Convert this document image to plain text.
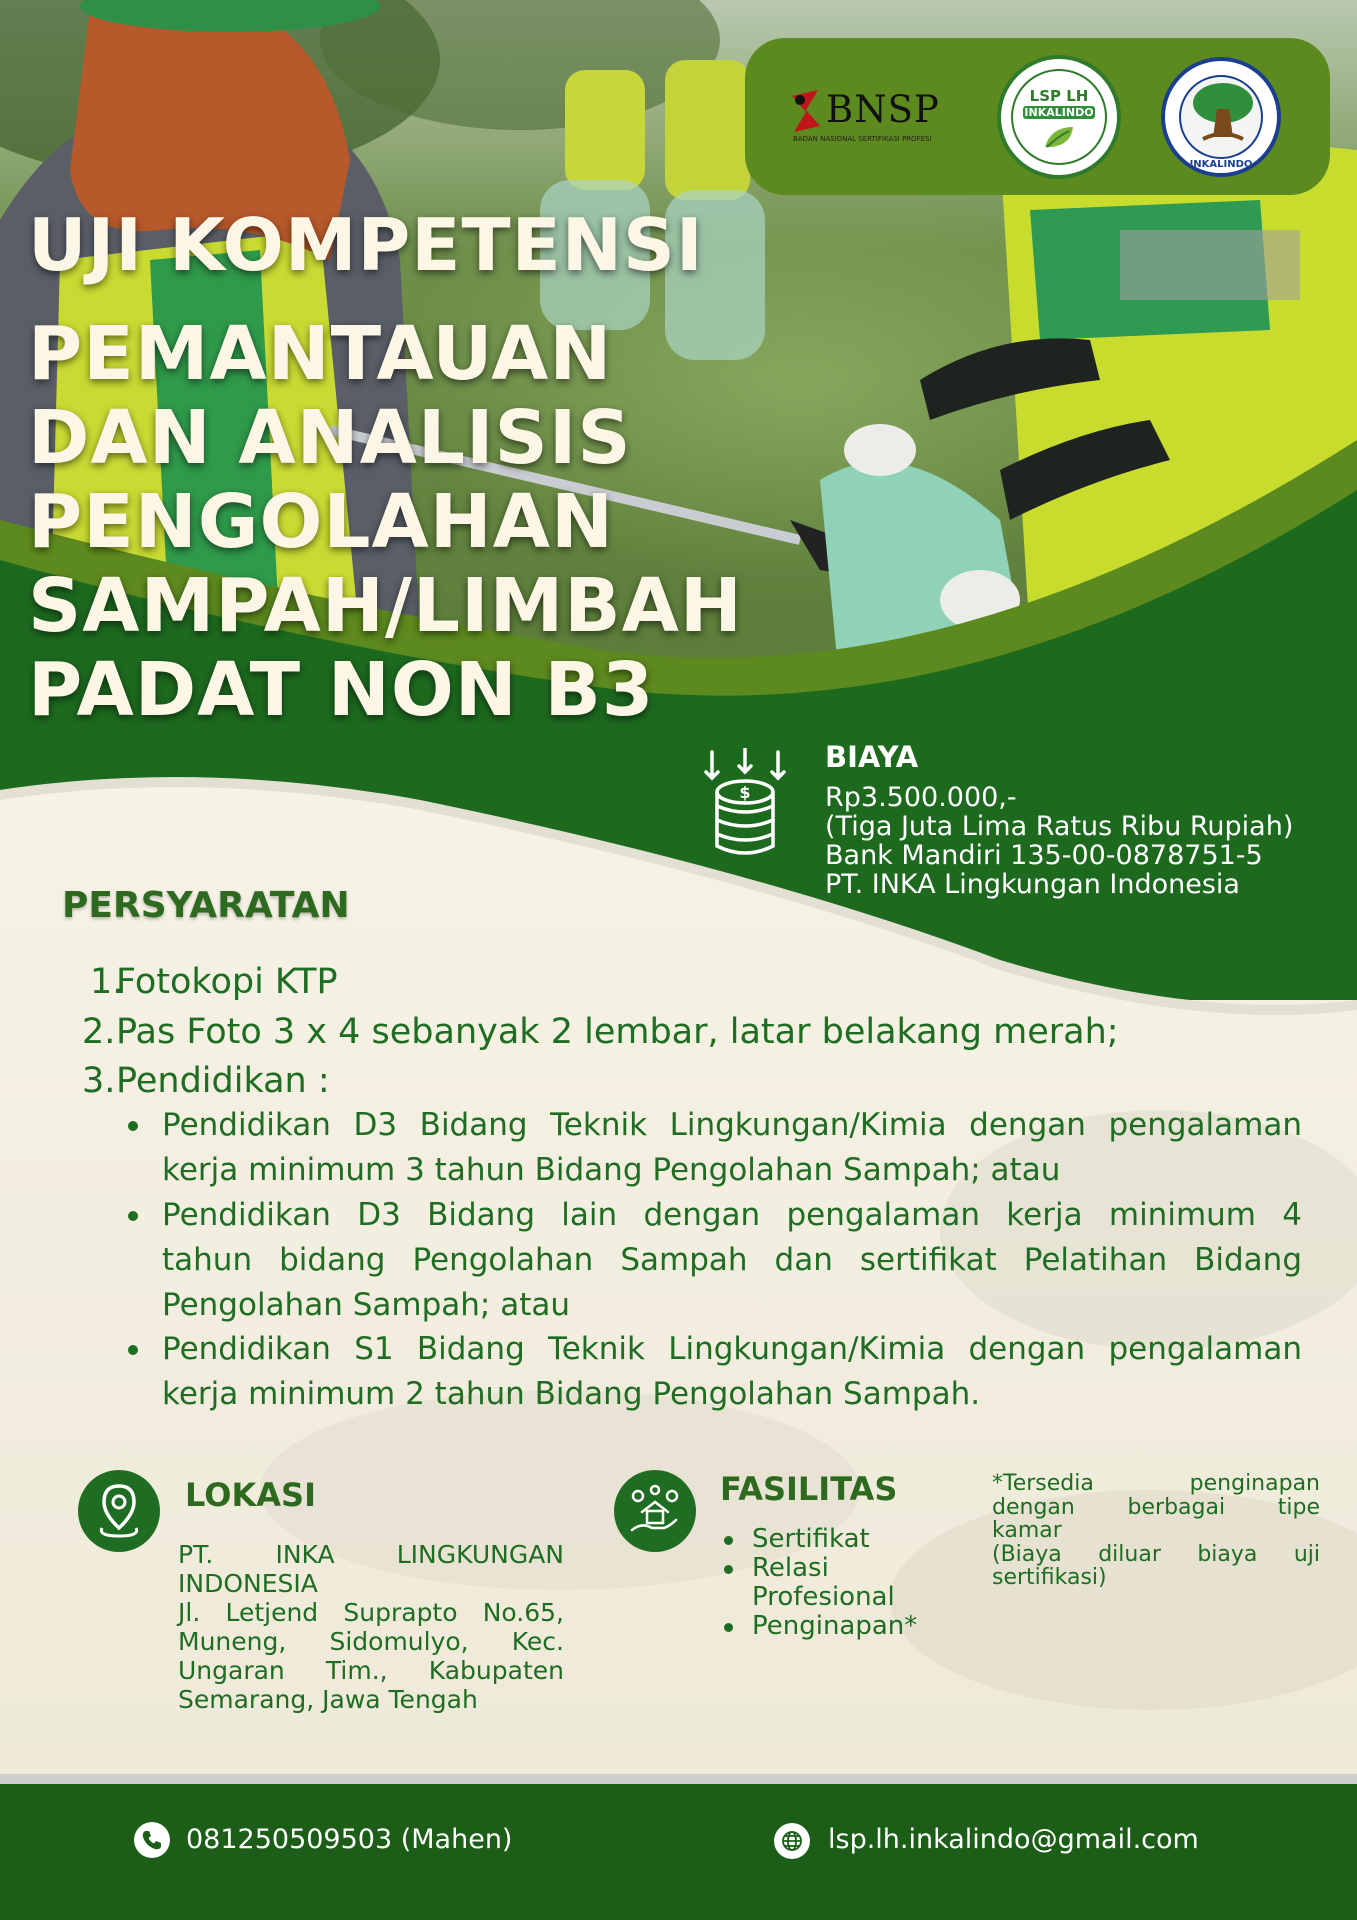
BNSP
BADAN NASIONAL SERTIFIKASI PROFESI
LSP LH
INKALINDO
INKALINDO
UJI KOMPETENSI
PEMANTAUAN
DAN ANALISIS
PENGOLAHAN
SAMPAH/LIMBAH
PADAT NON B3
$
BIAYA
Rp3.500.000,-
(Tiga Juta Lima Ratus Ribu Rupiah)
Bank Mandiri 135-00-0878751-5
PT. INKA Lingkungan Indonesia
PERSYARATAN
1.
Fotokopi KTP
2. Pas Foto 3 x 4 sebanyak 2 lembar, latar belakang merah;
3. Pendidikan :
Pendidikan D3 Bidang Teknik Lingkungan/Kimia dengan pengalaman
kerja minimum 3 tahun Bidang Pengolahan Sampah; atau
Pendidikan D3 Bidang lain dengan pengalaman kerja minimum 4
tahun bidang Pengolahan Sampah dan sertifikat Pelatihan Bidang
Pengolahan Sampah; atau
Pendidikan S1 Bidang Teknik Lingkungan/Kimia dengan pengalaman
kerja minimum 2 tahun Bidang Pengolahan Sampah.
LOKASI
PT. INKA LINGKUNGAN
INDONESIA
Jl. Letjend Suprapto No.65,
Muneng, Sidomulyo, Kec.
Ungaran Tim., Kabupaten
Semarang, Jawa Tengah
FASILITAS
Sertifikat
Relasi
Profesional
Penginapan*
*Tersedia penginapan
dengan berbagai tipe
kamar
(Biaya diluar biaya uji
sertifikasi)
081250509503 (Mahen)	lsp.lh.inkalindo@gmail.com
